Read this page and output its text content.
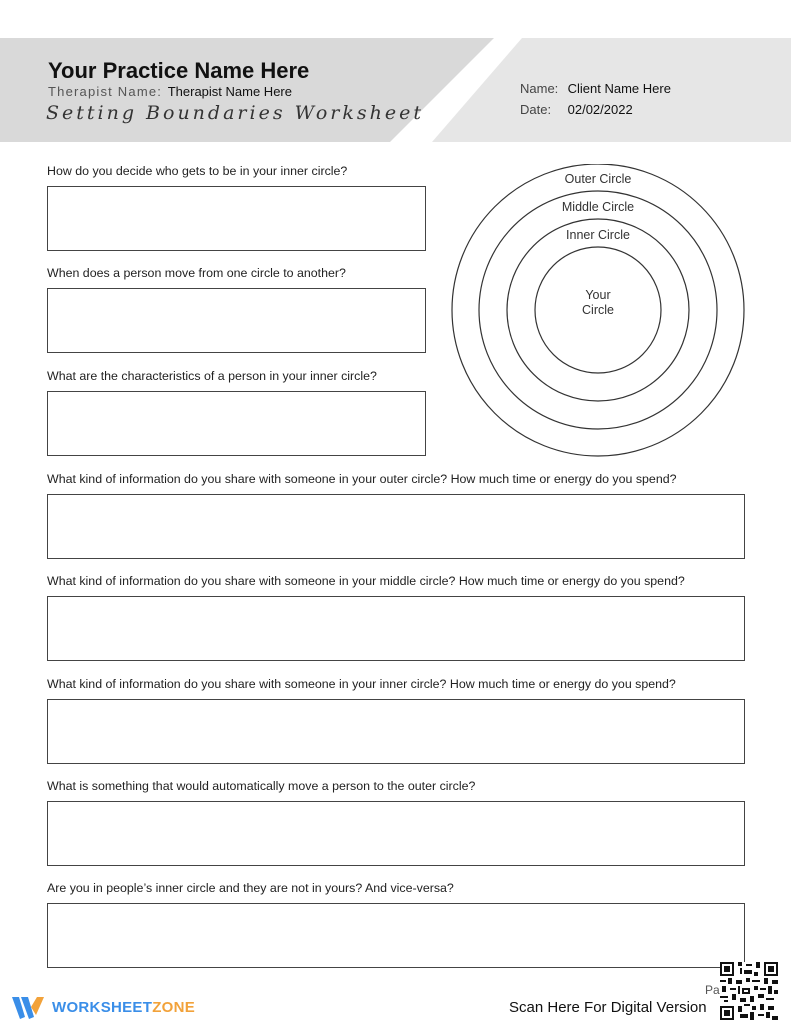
Your Practice Name Here
Therapist Name: Therapist Name Here
Setting Boundaries Worksheet
Name: Client Name Here
Date: 02/02/2022
How do you decide who gets to be in your inner circle?
When does a person move from one circle to another?
What are the characteristics of a person in your inner circle?
Outer Circle
Middle Circle
Inner Circle
Your
Circle
What kind of information do you share with someone in your outer circle? How much time or energy do you spend?
What kind of information do you share with someone in your middle circle? How much time or energy do you spend?
What kind of information do you share with someone in your inner circle? How much time or energy do you spend?
What is something that would automatically move a person to the outer circle?
Are you in people’s inner circle and they are not in yours? And vice-versa?
WORKSHEETZONE
Pa
Scan Here For Digital Version
